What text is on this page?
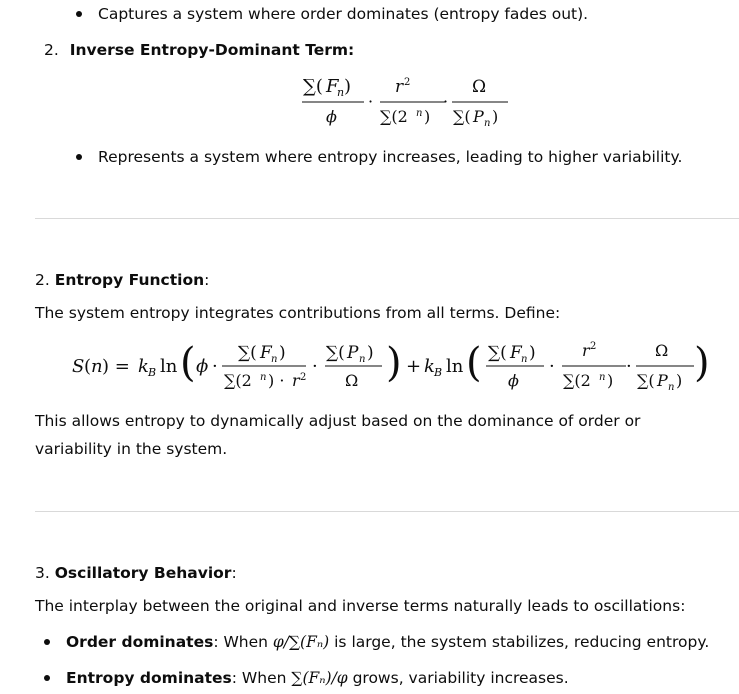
Captures a system where order dominates (entropy fades out).
2. Inverse Entropy-Dominant Term:
∑( F
n )
ϕ
·
r 2
∑(2 n )
·
Ω
∑( P n )
Represents a system where entropy increases, leading to higher variability.
2. Entropy Function:
The system entropy integrates contributions from all terms. Define:
S ( n ) = k B ln ( ϕ ·
∑( F n )
∑(2 n ) · r 2
·
∑( P n )
Ω ) + k B ln ( ∑( F n )
ϕ
·
r 2
∑(2 n )
·
Ω
∑( P n ) )
This allows entropy to dynamically adjust based on the dominance of order or variability in the system.
3. Oscillatory Behavior:
The interplay between the original and inverse terms naturally leads to oscillations:
Order dominates: When φ/∑(Fₙ) is large, the system stabilizes, reducing entropy.
Entropy dominates: When ∑(Fₙ)/φ grows, variability increases.
